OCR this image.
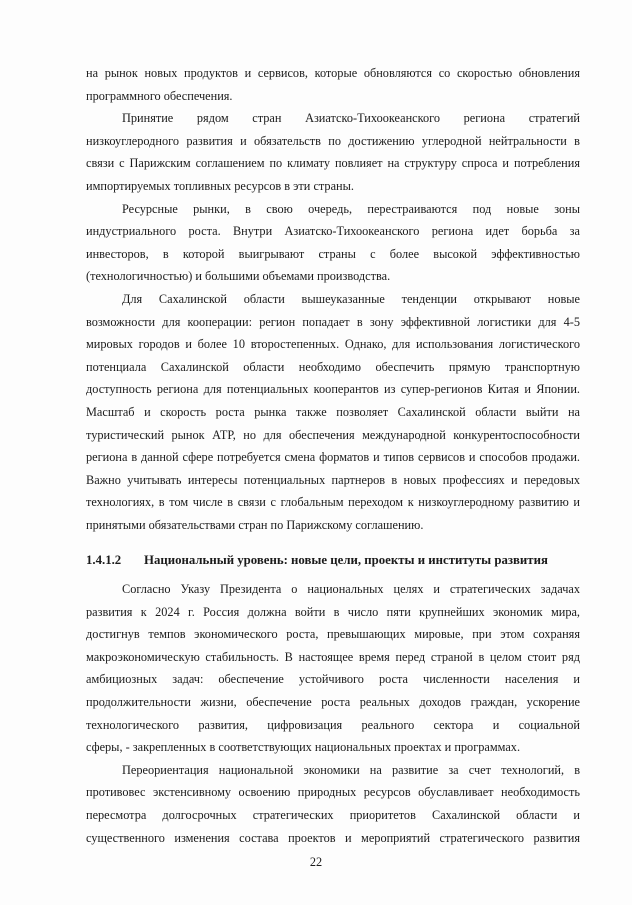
на рынок новых продуктов и сервисов, которые обновляются со скоростью обновления
программного обеспечения.
Принятие рядом стран Азиатско-Тихоокеанского региона стратегий
низкоуглеродного развития и обязательств по достижению углеродной нейтральности в
связи с Парижским соглашением по климату повлияет на структуру спроса и потребления
импортируемых топливных ресурсов в эти страны.
Ресурсные рынки, в свою очередь, перестраиваются под новые зоны
индустриального роста. Внутри Азиатско-Тихоокеанского региона идет борьба за
инвесторов, в которой выигрывают страны с более высокой эффективностью
(технологичностью) и большими объемами производства.
Для Сахалинской области вышеуказанные тенденции открывают новые
возможности для кооперации: регион попадает в зону эффективной логистики для 4-5
мировых городов и более 10 второстепенных. Однако, для использования логистического
потенциала Сахалинской области необходимо обеспечить прямую транспортную
доступность региона для потенциальных кооперантов из супер-регионов Китая и Японии.
Масштаб и скорость роста рынка также позволяет Сахалинской области выйти на
туристический рынок АТР, но для обеспечения международной конкурентоспособности
региона в данной сфере потребуется смена форматов и типов сервисов и способов продажи.
Важно учитывать интересы потенциальных партнеров в новых профессиях и передовых
технологиях, в том числе в связи с глобальным переходом к низкоуглеродному развитию и
принятыми обязательствами стран по Парижскому соглашению.
1.4.1.2 Национальный уровень: новые цели, проекты и институты развития
Согласно Указу Президента о национальных целях и стратегических задачах
развития к 2024 г. Россия должна войти в число пяти крупнейших экономик мира,
достигнув темпов экономического роста, превышающих мировые, при этом сохраняя
макроэкономическую стабильность. В настоящее время перед страной в целом стоит ряд
амбициозных задач: обеспечение устойчивого роста численности населения и
продолжительности жизни, обеспечение роста реальных доходов граждан, ускорение
технологического развития, цифровизация реального сектора и социальной
сферы, - закрепленных в соответствующих национальных проектах и программах.
Переориентация национальной экономики на развитие за счет технологий, в
противовес экстенсивному освоению природных ресурсов обуславливает необходимость
пересмотра долгосрочных стратегических приоритетов Сахалинской области и
существенного изменения состава проектов и мероприятий стратегического развития
22
